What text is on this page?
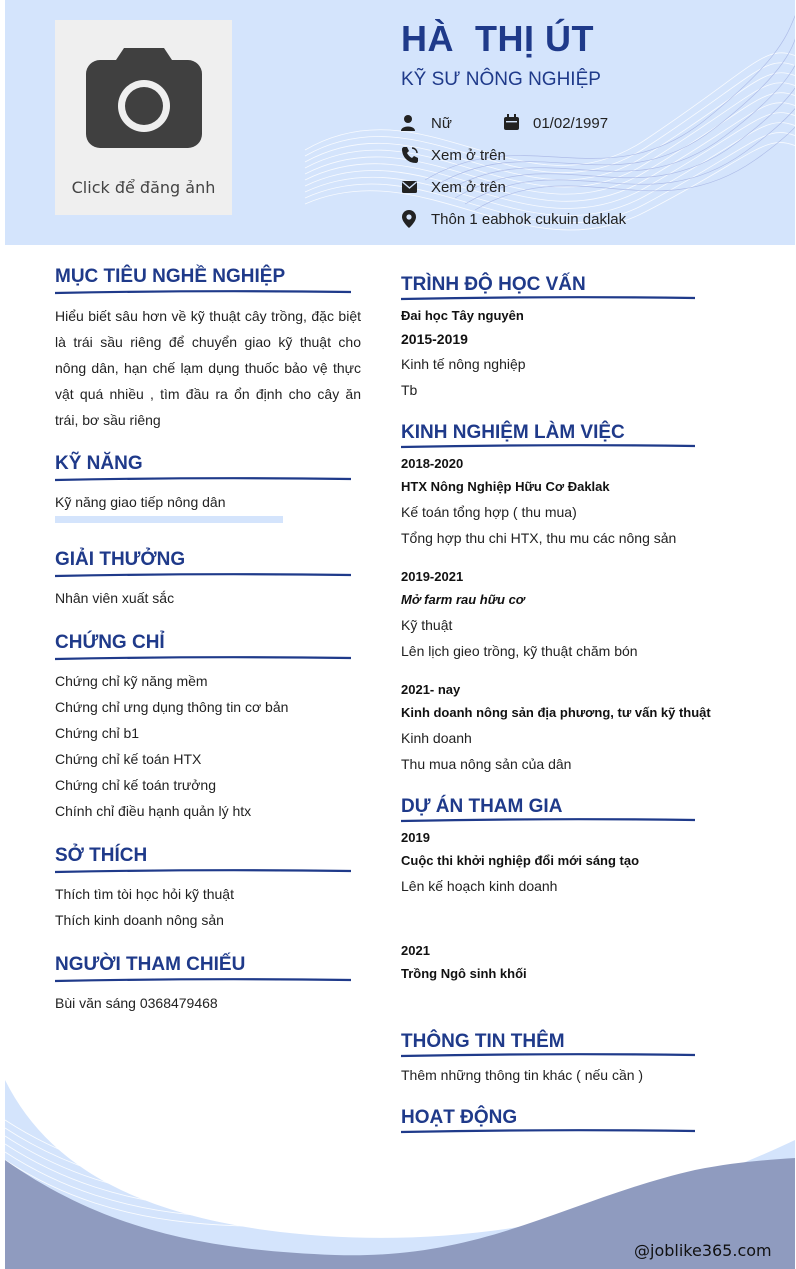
Click để đăng ảnh
HÀ  THỊ ÚT
KỸ SƯ NÔNG NGHIỆP
Nữ	01/02/1997
Xem ở trên
Xem ở trên
Thôn 1 eabhok cukuin daklak
MỤC TIÊU NGHỀ NGHIỆP
Hiểu biết sâu hơn về kỹ thuật cây trồng, đặc biệt là trái sầu riêng để chuyển giao kỹ thuật cho nông dân, hạn chế lạm dụng thuốc bảo vệ thực vật quá nhiều , tìm đầu ra ổn định cho cây ăn trái, bơ sầu riêng
KỸ NĂNG
Kỹ năng giao tiếp nông dân
GIẢI THƯỞNG
Nhân viên xuất sắc
CHỨNG CHỈ
Chứng chỉ kỹ năng mềm
Chứng chỉ ưng dụng thông tin cơ bản
Chứng chỉ b1
Chứng chỉ kế toán HTX
Chứng chỉ kế toán trưởng
Chính chỉ điều hạnh quản lý htx
SỞ THÍCH
Thích tìm tòi học hỏi kỹ thuật
Thích kinh doanh nông sản
NGƯỜI THAM CHIẾU
Bùi văn sáng 0368479468
TRÌNH ĐỘ HỌC VẤN
Đai học Tây nguyên
2015-2019
Kinh tế nông nghiệp
Tb
KINH NGHIỆM LÀM VIỆC
2018-2020
HTX Nông Nghiệp Hữu Cơ Đaklak
Kế toán tổng hợp ( thu mua)
Tổng hợp thu chi HTX, thu mu các nông sản
2019-2021
Mở farm rau hữu cơ
Kỹ thuật
Lên lịch gieo trồng, kỹ thuật chăm bón
2021- nay
Kinh doanh nông sản địa phương, tư vấn kỹ thuật
Kinh doanh
Thu mua nông sản của dân
DỰ ÁN THAM GIA
2019
Cuộc thi khởi nghiệp đổi mới sáng tạo
Lên kế hoạch kinh doanh
2021
Trồng Ngô sinh khối
THÔNG TIN THÊM
Thêm những thông tin khác ( nếu cần )
HOẠT ĐỘNG
@joblike365.com
